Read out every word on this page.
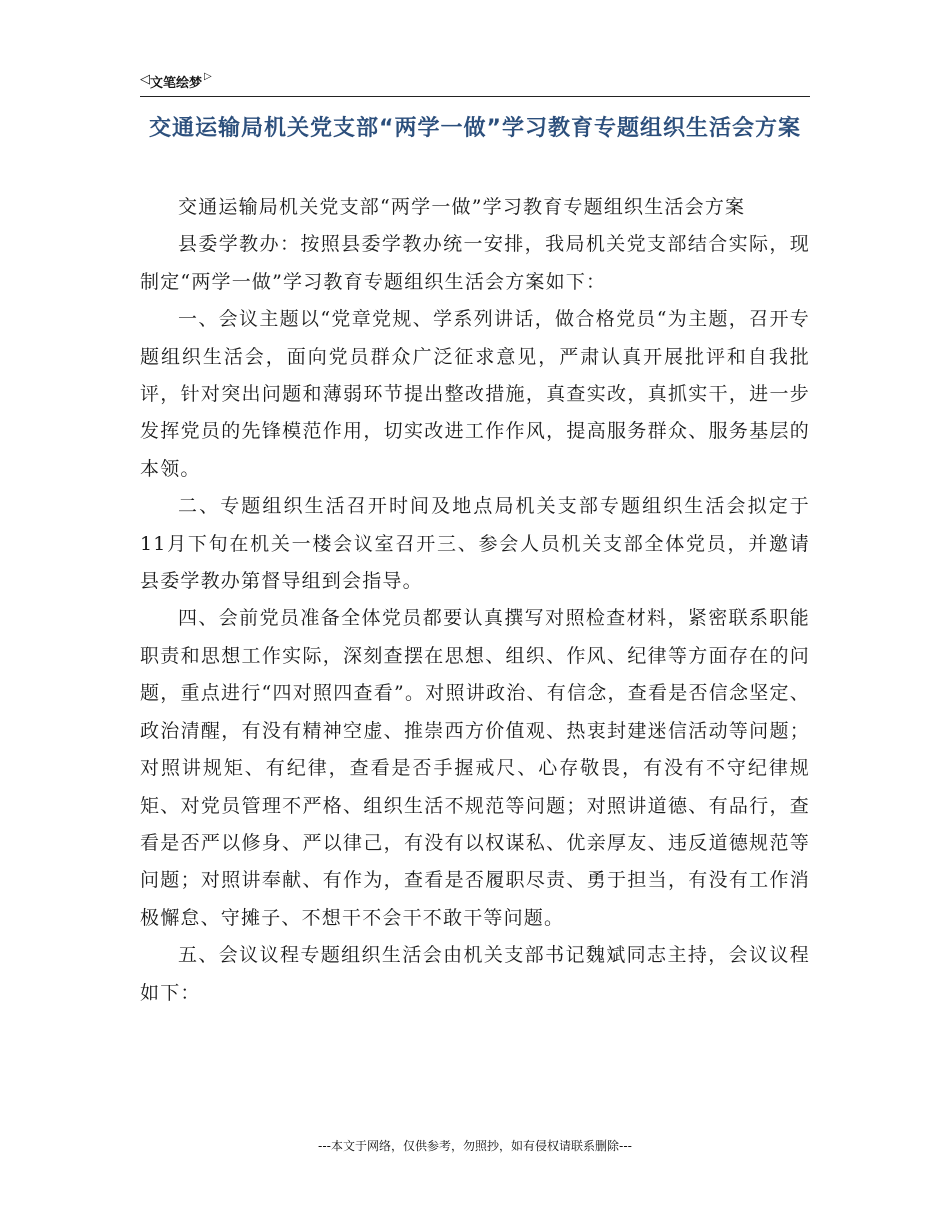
◁ 文笔绘梦 ▷
交通运输局机关党支部“两学一做”学习教育专题组织生活会方案

交通运输局机关党支部“两学一做”学习教育专题组织生活会方案

县委学教办：按照县委学教办统一安排，我局机关党支部结合实际，现制定“两学一做”学习教育专题组织生活会方案如下：

一、会议主题以“党章党规、学系列讲话，做合格党员“为主题，召开专题组织生活会，面向党员群众广泛征求意见，严肃认真开展批评和自我批评，针对突出问题和薄弱环节提出整改措施，真查实改，真抓实干，进一步发挥党员的先锋模范作用，切实改进工作作风，提高服务群众、服务基层的本领。

二、专题组织生活召开时间及地点局机关支部专题组织生活会拟定于11月下旬在机关一楼会议室召开三、参会人员机关支部全体党员，并邀请县委学教办第督导组到会指导。

四、会前党员准备全体党员都要认真撰写对照检查材料，紧密联系职能职责和思想工作实际，深刻查摆在思想、组织、作风、纪律等方面存在的问题，重点进行“四对照四查看”。对照讲政治、有信念，查看是否信念坚定、政治清醒，有没有精神空虚、推崇西方价值观、热衷封建迷信活动等问题；对照讲规矩、有纪律，查看是否手握戒尺、心存敬畏，有没有不守纪律规矩、对党员管理不严格、组织生活不规范等问题；对照讲道德、有品行，查看是否严以修身、严以律己，有没有以权谋私、优亲厚友、违反道德规范等问题；对照讲奉献、有作为，查看是否履职尽责、勇于担当，有没有工作消极懈怠、守摊子、不想干不会干不敢干等问题。

五、会议议程专题组织生活会由机关支部书记魏斌同志主持，会议议程如下：

---本文于网络，仅供参考，勿照抄，如有侵权请联系删除---
